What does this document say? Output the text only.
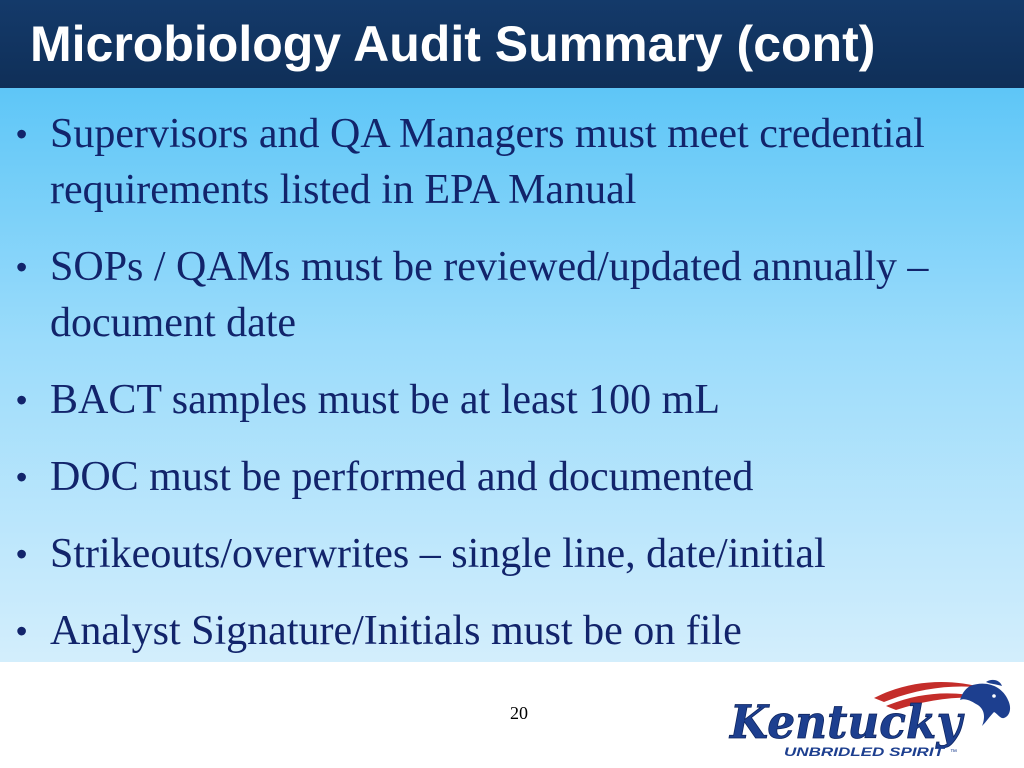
Microbiology Audit Summary (cont)
• Supervisors and QA Managers must meet credential requirements listed in EPA Manual
• SOPs / QAMs must be reviewed/updated annually – document date
• BACT samples must be at least 100 mL
• DOC must be performed and documented
• Strikeouts/overwrites – single line, date/initial
• Analyst Signature/Initials must be on file
20	Kentucky
UNBRIDLED SPIRIT ™
